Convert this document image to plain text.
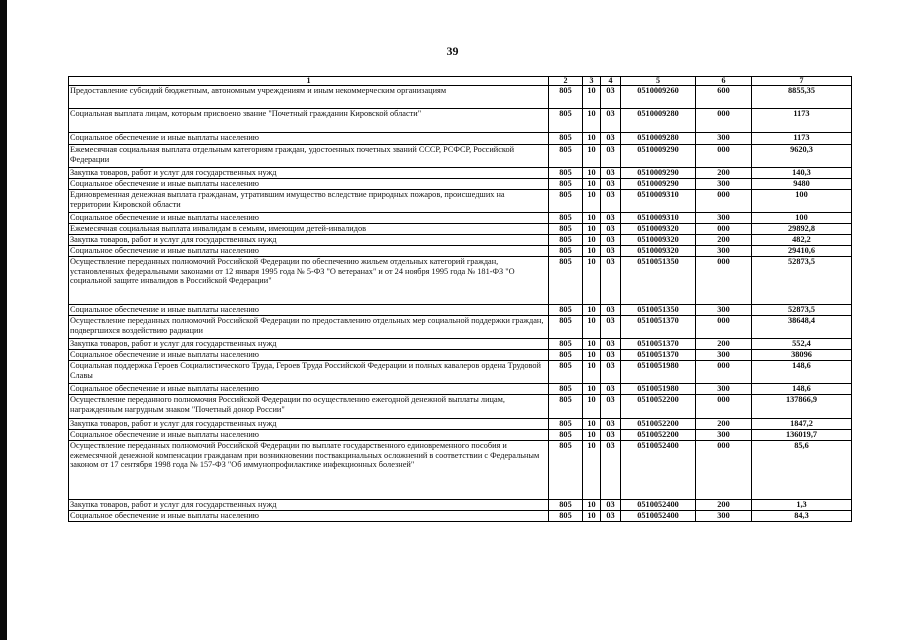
39
1	2	3	4	5	6	7
Предоставление субсидий бюджетным, автономным учреждениям и иным некоммерческим организациям	805	10	03	0510009260	600	8855,35
Социальная выплата лицам, которым присвоено звание "Почетный гражданин Кировской области"	805	10	03	0510009280	000	1173
Социальное обеспечение и иные выплаты населению	805	10	03	0510009280	300	1173
Ежемесячная социальная выплата отдельным категориям граждан, удостоенных почетных званий СССР, РСФСР, Российской Федерации	805	10	03	0510009290	000	9620,3
Закупка товаров, работ и услуг для государственных нужд	805	10	03	0510009290	200	140,3
Социальное обеспечение и иные выплаты населению	805	10	03	0510009290	300	9480
Единовременная денежная выплата гражданам, утратившим имущество вследствие природных пожаров, происшедших на территории Кировской области	805	10	03	0510009310	000	100
Социальное обеспечение и иные выплаты населению	805	10	03	0510009310	300	100
Ежемесячная социальная выплата инвалидам в семьям, имеющим детей-инвалидов	805	10	03	0510009320	000	29892,8
Закупка товаров, работ и услуг для государственных нужд	805	10	03	0510009320	200	482,2
Социальное обеспечение и иные выплаты населению	805	10	03	0510009320	300	29410,6
Осуществление переданных полномочий Российской Федерации по обеспечению жильем отдельных категорий граждан, установленных федеральными законами от 12 января 1995 года № 5-ФЗ "О ветеранах" и от 24 ноября 1995 года № 181-ФЗ "О социальной защите инвалидов в Российской Федерации"	805	10	03	0510051350	000	52873,5
Социальное обеспечение и иные выплаты населению	805	10	03	0510051350	300	52873,5
Осуществление переданных полномочий Российской Федерации по предоставлению отдельных мер социальной поддержки граждан, подвергшихся воздействию радиации	805	10	03	0510051370	000	38648,4
Закупка товаров, работ и услуг для государственных нужд	805	10	03	0510051370	200	552,4
Социальное обеспечение и иные выплаты населению	805	10	03	0510051370	300	38096
Социальная поддержка Героев Социалистического Труда, Героев Труда Российской Федерации и полных кавалеров ордена Трудовой Славы	805	10	03	0510051980	000	148,6
Социальное обеспечение и иные выплаты населению	805	10	03	0510051980	300	148,6
Осуществление переданного полномочия Российской Федерации по осуществлению ежегодной денежной выплаты лицам, награжденным нагрудным знаком "Почетный донор России"	805	10	03	0510052200	000	137866,9
Закупка товаров, работ и услуг для государственных нужд	805	10	03	0510052200	200	1847,2
Социальное обеспечение и иные выплаты населению	805	10	03	0510052200	300	136019,7
Осуществление переданных полномочий Российской Федерации по выплате государственного единовременного пособия и ежемесячной денежной компенсации гражданам при возникновении поствакцинальных осложнений в соответствии с Федеральным законом от 17 сентября 1998 года № 157-ФЗ "Об иммунопрофилактике инфекционных болезней"	805	10	03	0510052400	000	85,6
Закупка товаров, работ и услуг для государственных нужд	805	10	03	0510052400	200	1,3
Социальное обеспечение и иные выплаты населению	805	10	03	0510052400	300	84,3
